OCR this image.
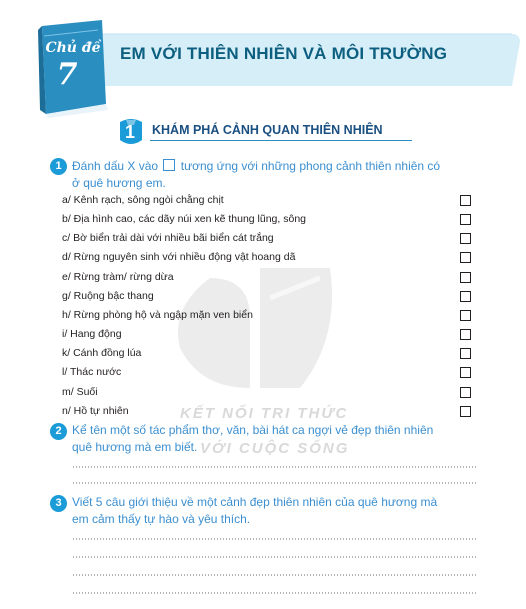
Chủ đề
7
EM VỚI THIÊN NHIÊN VÀ MÔI TRƯỜNG
1	KHÁM PHÁ CẢNH QUAN THIÊN NHIÊN
KẾT NỐI TRI THỨC
VỚI CUỘC SỐNG
1 Đánh dấu X vào tương ứng với những phong cảnh thiên nhiên có
ở quê hương em.
a/ Kênh rạch, sông ngòi chằng chịt
b/ Địa hình cao, các dãy núi xen kẽ thung lũng, sông
c/ Bờ biển trải dài với nhiều bãi biển cát trắng
d/ Rừng nguyên sinh với nhiều động vật hoang dã
e/ Rừng tràm/ rừng dừa
g/ Ruộng bậc thang
h/ Rừng phòng hộ và ngập mặn ven biển
i/ Hang động
k/ Cánh đồng lúa
l/ Thác nước
m/ Suối
n/ Hồ tự nhiên
2 Kể tên một số tác phẩm thơ, văn, bài hát ca ngợi vẻ đẹp thiên nhiên
quê hương mà em biết.
3 Viết 5 câu giới thiệu về một cảnh đẹp thiên nhiên của quê hương mà
em cảm thấy tự hào và yêu thích.
